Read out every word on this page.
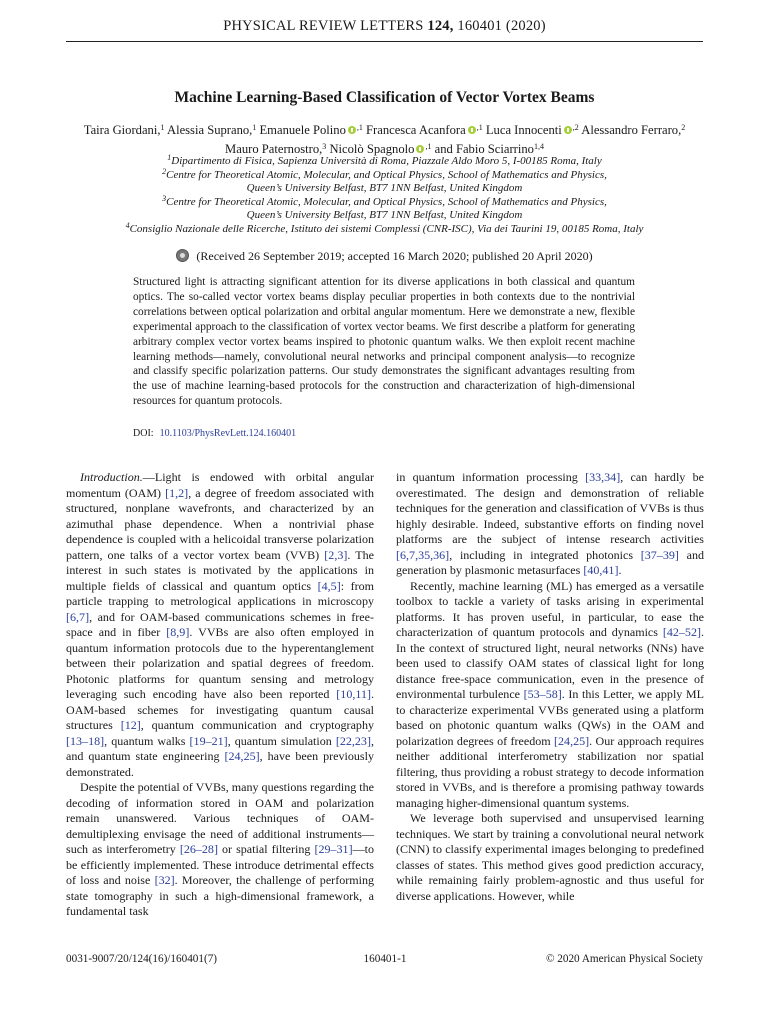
PHYSICAL REVIEW LETTERS 124, 160401 (2020)
Machine Learning-Based Classification of Vector Vortex Beams
Taira Giordani,$^1$ Alessia Suprano,$^1$ Emanuele Polino $^{,1}$ Francesca Acanfora $^{,1}$ Luca Innocenti $^{,2}$ Alessandro Ferraro,$^2$
Mauro Paternostro,$^3$ Nicolò Spagnolo $^{,1}$ and Fabio Sciarrino$^{1,4}$
$^1$Dipartimento di Fisica, Sapienza Università di Roma, Piazzale Aldo Moro 5, I-00185 Roma, Italy
$^2$Centre for Theoretical Atomic, Molecular, and Optical Physics, School of Mathematics and Physics,
Queen’s University Belfast, BT7 1NN Belfast, United Kingdom
$^3$Centre for Theoretical Atomic, Molecular, and Optical Physics, School of Mathematics and Physics,
Queen’s University Belfast, BT7 1NN Belfast, United Kingdom
$^4$Consiglio Nazionale delle Ricerche, Istituto dei sistemi Complessi (CNR-ISC), Via dei Taurini 19, 00185 Roma, Italy
(Received 26 September 2019; accepted 16 March 2020; published 20 April 2020)
Structured light is attracting significant attention for its diverse applications in both classical and quantum optics. The so-called vector vortex beams display peculiar properties in both contexts due to the nontrivial correlations between optical polarization and orbital angular momentum. Here we demonstrate a new, flexible experimental approach to the classification of vortex vector beams. We first describe a platform for generating arbitrary complex vector vortex beams inspired to photonic quantum walks. We then exploit recent machine learning methods—namely, convolutional neural networks and principal component analysis—to recognize and classify specific polarization patterns. Our study demonstrates the significant advantages resulting from the use of machine learning-based protocols for the construction and characterization of high-dimensional resources for quantum protocols.
DOI: 10.1103/PhysRevLett.124.160401

Introduction.—Light is endowed with orbital angular momentum (OAM) [1,2], a degree of freedom associated with structured, nonplane wavefronts, and characterized by an azimuthal phase dependence. When a nontrivial phase dependence is coupled with a helicoidal transverse polarization pattern, one talks of a vector vortex beam (VVB) [2,3]. The interest in such states is motivated by the applications in multiple fields of classical and quantum optics [4,5]: from particle trapping to metrological applications in microscopy [6,7], and for OAM-based communications schemes in free-space and in fiber [8,9]. VVBs are also often employed in quantum information protocols due to the hyperentanglement between their polarization and spatial degrees of freedom. Photonic platforms for quantum sensing and metrology leveraging such encoding have also been reported [10,11]. OAM-based schemes for investigating quantum causal structures [12], quantum communication and cryptography [13–18], quantum walks [19–21], quantum simulation [22,23], and quantum state engineering [24,25], have been previously demonstrated.

Despite the potential of VVBs, many questions regarding the decoding of information stored in OAM and polarization remain unanswered. Various techniques of OAM-demultiplexing envisage the need of additional instruments—such as interferometry [26–28] or spatial filtering [29–31]—to be efficiently implemented. These introduce detrimental effects of loss and noise [32]. Moreover, the challenge of performing state tomography in such a high-dimensional framework, a fundamental task

in quantum information processing [33,34], can hardly be overestimated. The design and demonstration of reliable techniques for the generation and classification of VVBs is thus highly desirable. Indeed, substantive efforts on finding novel platforms are the subject of intense research activities [6,7,35,36], including in integrated photonics [37–39] and generation by plasmonic metasurfaces [40,41].

Recently, machine learning (ML) has emerged as a versatile toolbox to tackle a variety of tasks arising in experimental platforms. It has proven useful, in particular, to ease the characterization of quantum protocols and dynamics [42–52]. In the context of structured light, neural networks (NNs) have been used to classify OAM states of classical light for long distance free-space communication, even in the presence of environmental turbulence [53–58]. In this Letter, we apply ML to characterize experimental VVBs generated using a platform based on photonic quantum walks (QWs) in the OAM and polarization degrees of freedom [24,25]. Our approach requires neither additional interferometry stabilization nor spatial filtering, thus providing a robust strategy to decode information stored in VVBs, and is therefore a promising pathway towards managing higher-dimensional quantum systems.

We leverage both supervised and unsupervised learning techniques. We start by training a convolutional neural network (CNN) to classify experimental images belonging to predefined classes of states. This method gives good prediction accuracy, while remaining fairly problem-agnostic and thus useful for diverse applications. However, while

0031-9007/20/124(16)/160401(7)	160401-1	© 2020 American Physical Society
